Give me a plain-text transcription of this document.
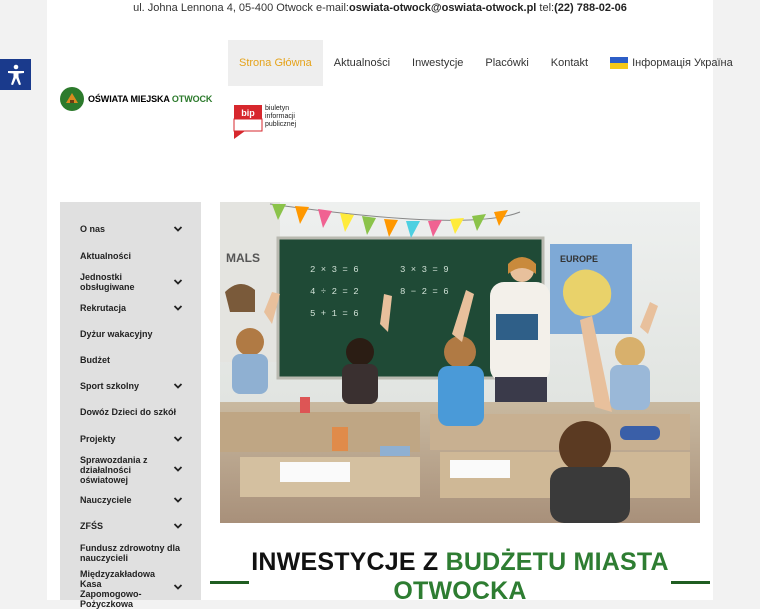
ul. Johna Lennona 4, 05-400 Otwock e-mail:oswiata-otwock@oswiata-otwock.pl tel:(22) 788-02-06
OŚWIATA MIEJSKA OTWOCK
Strona Główna	Aktualności	Inwestycje	Placówki	Kontakt	Інформація Україна
bip biuletyn
informacji
publicznej
O nas
Aktualności
Jednostki obsługiwane
Rekrutacja
Dyżur wakacyjny
Budżet
Sport szkolny
Dowóz Dzieci do szkół
Projekty
Sprawozdania z działalności oświatowej
Nauczyciele
ZFŚS
Fundusz zdrowotny dla nauczycieli
Międzyzakładowa Kasa Zapomogowo-Pożyczkowa
MALS
2 × 3 = 6
4 ÷ 2 = 2
5 + 1 = 6
3 × 3 = 9
8 − 2 = 6
EUROPE
INWESTYCJE Z BUDŻETU MIASTA
OTWOCKA
